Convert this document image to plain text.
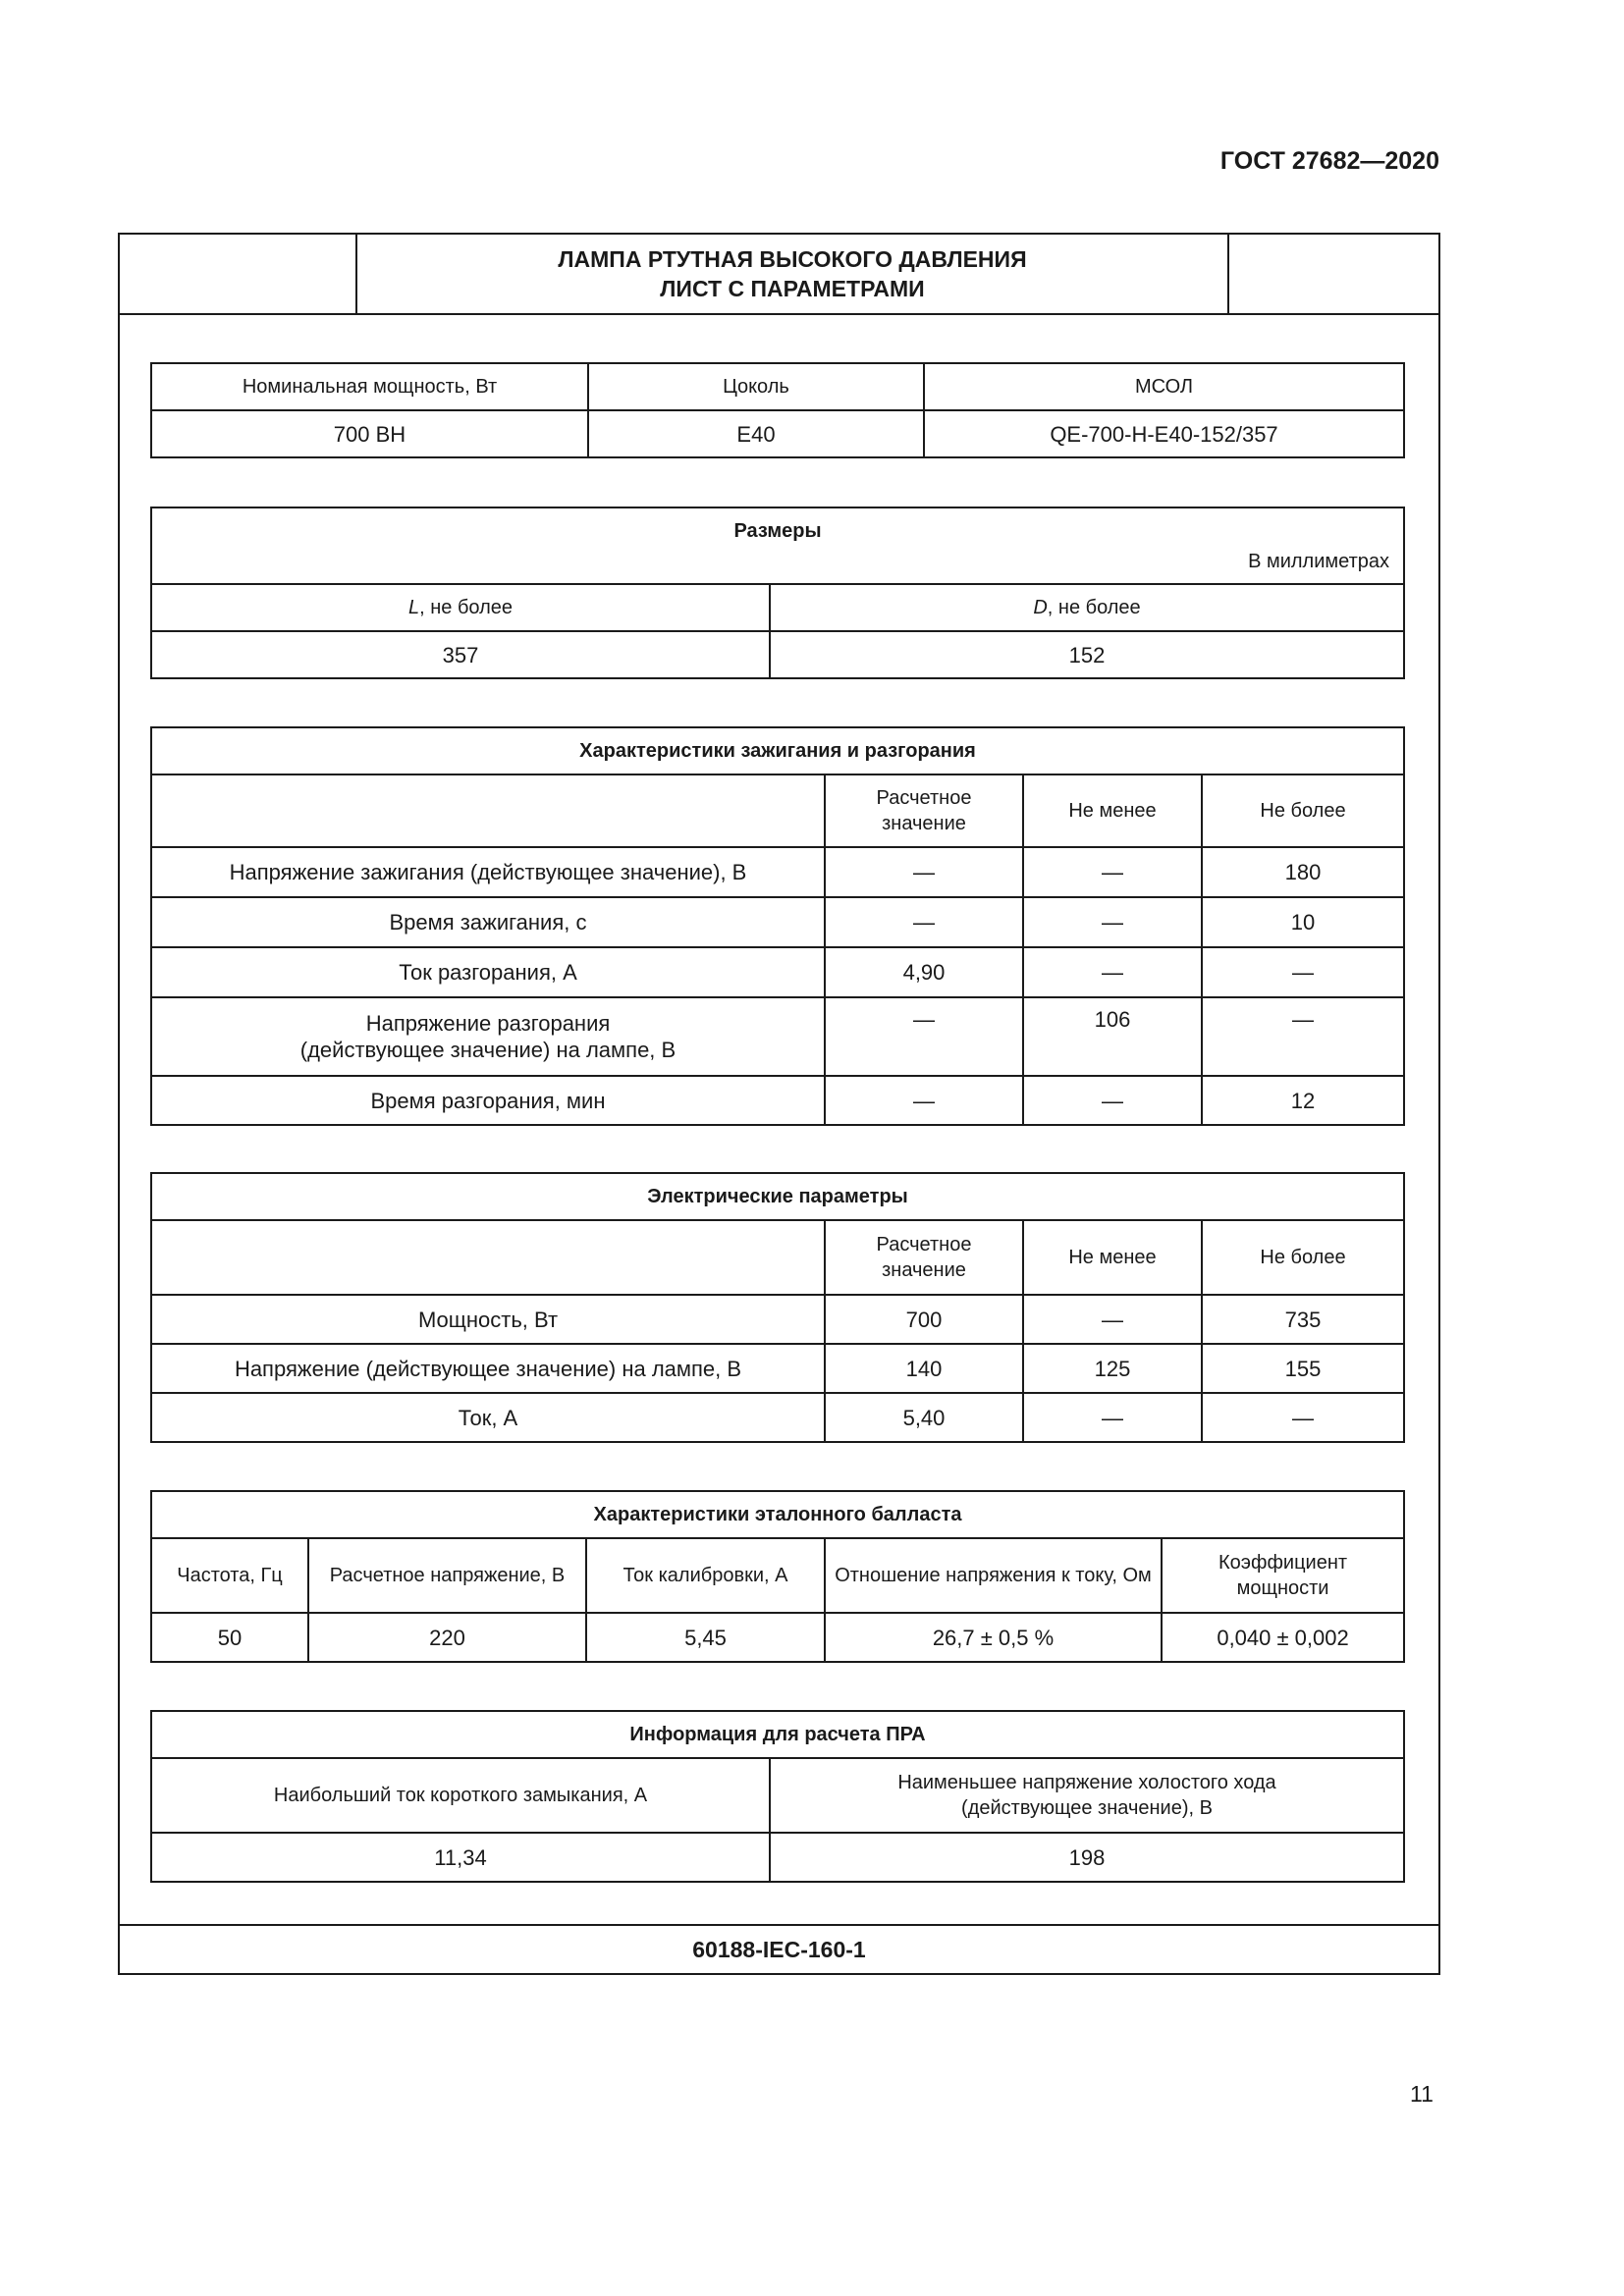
ГОСТ 27682—2020
ЛАМПА РТУТНАЯ ВЫСОКОГО ДАВЛЕНИЯ
ЛИСТ С ПАРАМЕТРАМИ
60188-IEC-160-1
Номинальная мощность, Вт	Цоколь	МСОЛ
700 ВН	E40	QE-700-H-E40-152/357
Размеры
В миллиметрах	

L, не более	D, не более
357	152
Характеристики зажигания и разгорания			
	Расчетное значение	Не менее	Не более
Напряжение зажигания (действующее значение), В	—	—	180
Время зажигания, с	—	—	10
Ток разгорания, А	4,90	—	—
Напряжение разгорания (действующее значение) на лампе, В	—	106	—
Время разгорания, мин	—	—	12
Электрические параметры			
	Расчетное значение	Не менее	Не более
Мощность, Вт	700	—	735
Напряжение (действующее значение) на лампе, В	140	125	155
Ток, А	5,40	—	—
Характеристики эталонного балласта				
Частота, Гц	Расчетное напряжение, В	Ток калибровки, А	Отношение напряжения к току, Ом	Коэффициент мощности
50	220	5,45	26,7 ± 0,5 %	0,040 ± 0,002
Информация для расчета ПРА	
Наибольший ток короткого замыкания, А	Наименьшее напряжение холостого хода (действующее значение), В
11,34	198
11
